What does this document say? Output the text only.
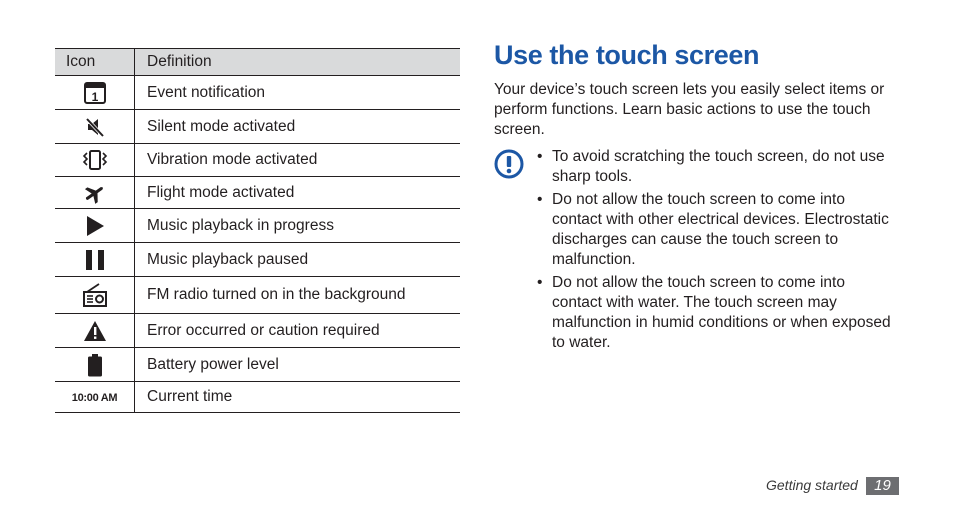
Icon	Definition

1	Event notification

	Silent mode activated

	Vibration mode activated

	Flight mode activated

	Music playback in progress

	Music playback paused

	FM radio turned on in the background

	Error occurred or caution required

	Battery power level
10:00 AM	Current time
Use the touch screen

Your device’s touch screen lets you easily select items or perform functions. Learn basic actions to use the touch screen.

• To avoid scratching the touch screen, do not use sharp tools.
• Do not allow the touch screen to come into contact with other electrical devices. Electrostatic discharges can cause the touch screen to malfunction.
• Do not allow the touch screen to come into contact with water. The touch screen may malfunction in humid conditions or when exposed to water.
Getting started	19
